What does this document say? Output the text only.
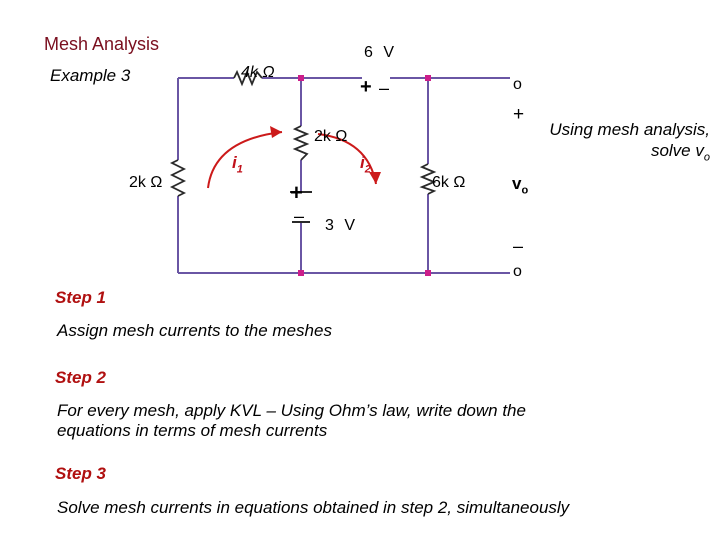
Mesh Analysis
Example 3	4k Ω
6 V
+ –
2k Ω
2k Ω
6k Ω
$i_1$	$i_2$
+
– 3 V
o
+
$v_o$
–
o
Using mesh analysis, solve $v_o$
Step 1
Assign mesh currents to the meshes
Step 2
For every mesh, apply KVL – Using Ohm’s law, write down the equations in terms of mesh currents
Step 3
Solve mesh currents in equations obtained in step 2, simultaneously
